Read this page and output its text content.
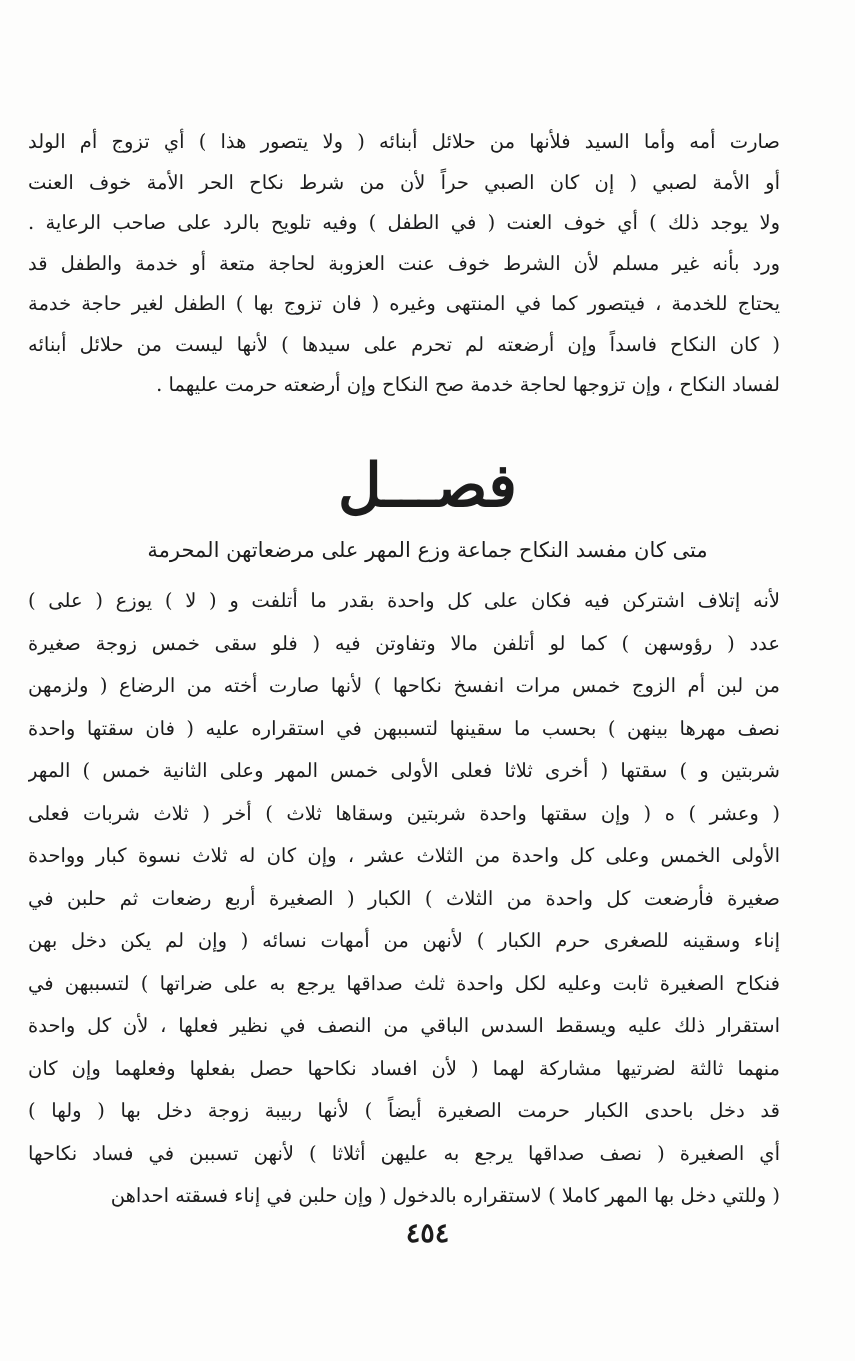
صارت أمه وأما السيد فلأنها من حلائل أبنائه ( ولا يتصور هذا ) أي تزوج أم الولد
أو الأمة لصبي ( إن كان الصبي حراً لأن من شرط نكاح الحر الأمة خوف العنت
ولا يوجد ذلك ) أي خوف العنت ( في الطفل ) وفيه تلويح بالرد على صاحب الرعاية .
ورد بأنه غير مسلم لأن الشرط خوف عنت العزوبة لحاجة متعة أو خدمة والطفل قد
يحتاج للخدمة ، فيتصور كما في المنتهى وغيره ( فان تزوج بها ) الطفل لغير حاجة خدمة
( كان النكاح فاسداً وإن أرضعته لم تحرم على سيدها ) لأنها ليست من حلائل أبنائه
لفساد النكاح ، وإن تزوجها لحاجة خدمة صح النكاح وإن أرضعته حرمت عليهما .
فصـــل
متى كان مفسد النكاح جماعة وزع المهر على مرضعاتهن المحرمة
لأنه إتلاف اشتركن فيه فكان على كل واحدة بقدر ما أتلفت و ( لا ) يوزع ( على )
عدد ( رؤوسهن ) كما لو أتلفن مالا وتفاوتن فيه ( فلو سقى خمس زوجة صغيرة
من لبن أم الزوج خمس مرات انفسخ نكاحها ) لأنها صارت أخته من الرضاع ( ولزمهن
نصف مهرها بينهن ) بحسب ما سقينها لتسببهن في استقراره عليه ( فان سقتها واحدة
شربتين و ) سقتها ( أخرى ثلاثا فعلى الأولى خمس المهر وعلى الثانية خمس ) المهر
( وعشر ) ه ( وإن سقتها واحدة شربتين وسقاها ثلاث ) أخر ( ثلاث شربات فعلى
الأولى الخمس وعلى كل واحدة من الثلاث عشر ، وإن كان له ثلاث نسوة كبار وواحدة
صغيرة فأرضعت كل واحدة من الثلاث ) الكبار ( الصغيرة أربع رضعات ثم حلبن في
إناء وسقينه للصغرى حرم الكبار ) لأنهن من أمهات نسائه ( وإن لم يكن دخل بهن
فنكاح الصغيرة ثابت وعليه لكل واحدة ثلث صداقها يرجع به على ضراتها ) لتسببهن في
استقرار ذلك عليه ويسقط السدس الباقي من النصف في نظير فعلها ، لأن كل واحدة
منهما ثالثة لضرتيها مشاركة لهما ( لأن افساد نكاحها حصل بفعلها وفعلهما وإن كان
قد دخل باحدى الكبار حرمت الصغيرة أيضاً ) لأنها ربيبة زوجة دخل بها ( ولها )
أي الصغيرة ( نصف صداقها يرجع به عليهن أثلاثا ) لأنهن تسببن في فساد نكاحها
( وللتي دخل بها المهر كاملا ) لاستقراره بالدخول ( وإن حلبن في إناء فسقته احداهن
٤٥٤
